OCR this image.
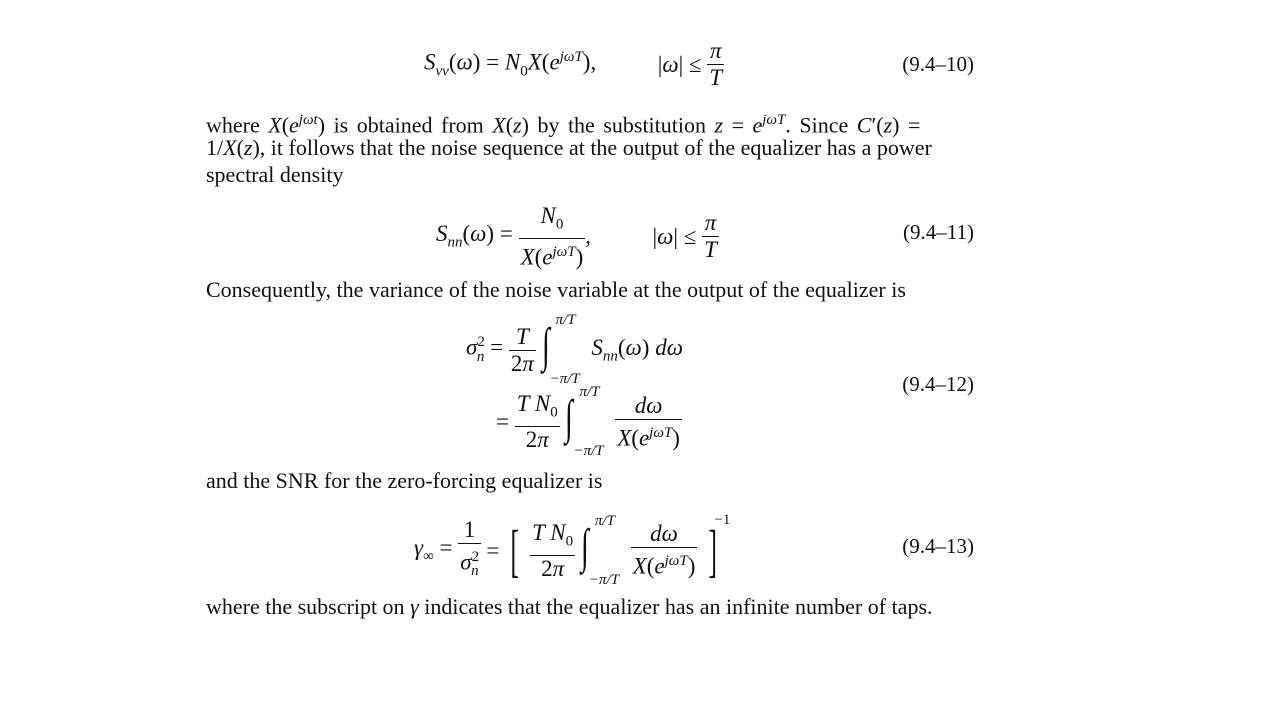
$S_{vv}(\omega) = N_0X(e^{j\omega T})$,	$|\omega| \le \frac{\pi}{T}$	(9.4–10)
where $X(e^{j\omega t})$ is obtained from X(z) by the substitution $z = e^{j\omega T}$. Since C′(z) =
1/X(z), it follows that the noise sequence at the output of the equalizer has a power
spectral density
$S_{nn}(\omega) = \frac{N_0}{X(e^{j\omega T})}$ ,	$|\omega| \le \frac{\pi}{T}$	(9.4–11)
Consequently, the variance of the noise variable at the output of the equalizer is
$\sigma^2_n = \frac{T}{2\pi}$
∫ π/T
−π/T
$S_{nn}(\omega)$ dω
= $\frac{T N_0}{2\pi}$
∫ π/T
−π/T
$\frac{d\omega}{X(e^{j\omega T})}$
(9.4–12)
and the SNR for the zero-forcing equalizer is
$\gamma_\infty = \frac{1}{\sigma^2_n}$ = [ $\frac{T N_0}{2\pi}$
∫ π/T
−π/T
$\frac{d\omega}{X(e^{j\omega T})} ]^{-1}$
(9.4–13)
where the subscript on γ indicates that the equalizer has an infinite number of taps.
